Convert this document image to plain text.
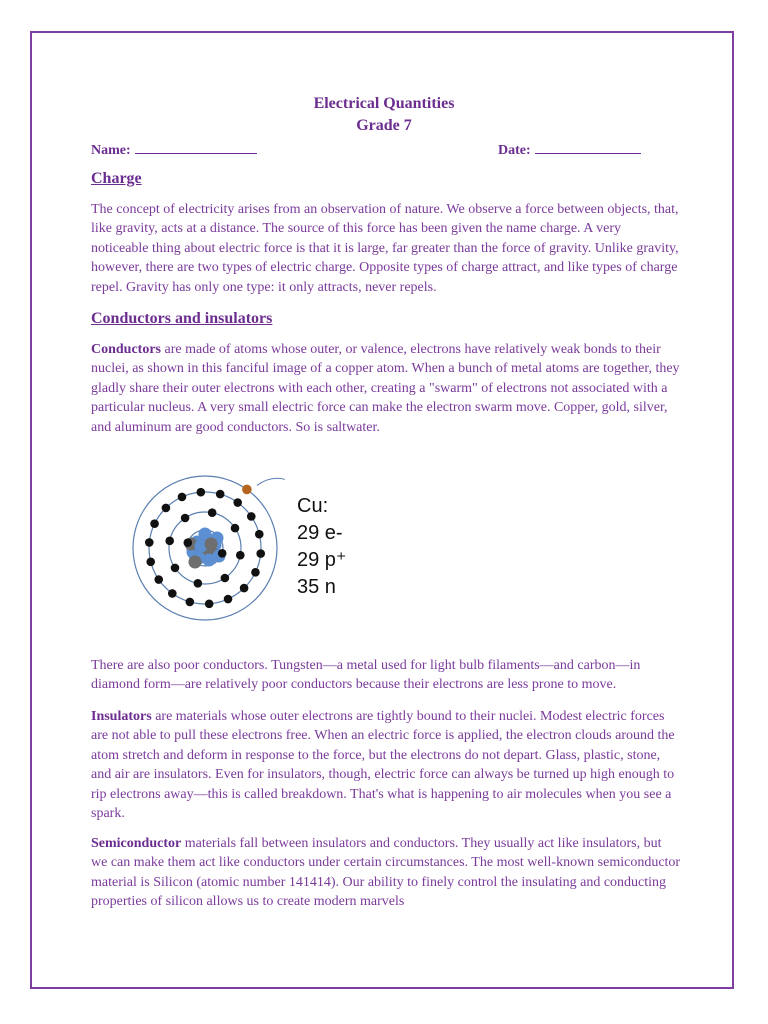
Electrical Quantities
Grade 7
Name:	Date:
Charge

The concept of electricity arises from an observation of nature. We observe a force between objects, that, like gravity, acts at a distance. The source of this force has been given the name charge. A very noticeable thing about electric force is that it is large, far greater than the force of gravity. Unlike gravity, however, there are two types of electric charge. Opposite types of charge attract, and like types of charge repel. Gravity has only one type: it only attracts, never repels.

Conductors and insulators

Conductors are made of atoms whose outer, or valence, electrons have relatively weak bonds to their nuclei, as shown in this fanciful image of a copper atom. When a bunch of metal atoms are together, they gladly share their outer electrons with each other, creating a "swarm" of electrons not associated with a particular nucleus. A very small electric force can make the electron swarm move. Copper, gold, silver, and aluminum are good conductors. So is saltwater.

Cu:
29 e-
29 p⁺
35 n

There are also poor conductors. Tungsten—a metal used for light bulb filaments—and carbon—in diamond form—are relatively poor conductors because their electrons are less prone to move.

Insulators are materials whose outer electrons are tightly bound to their nuclei. Modest electric forces are not able to pull these electrons free. When an electric force is applied, the electron clouds around the atom stretch and deform in response to the force, but the electrons do not depart. Glass, plastic, stone, and air are insulators. Even for insulators, though, electric force can always be turned up high enough to rip electrons away—this is called breakdown. That's what is happening to air molecules when you see a spark.

Semiconductor materials fall between insulators and conductors. They usually act like insulators, but we can make them act like conductors under certain circumstances. The most well-known semiconductor material is Silicon (atomic number 141414). Our ability to finely control the insulating and conducting properties of silicon allows us to create modern marvels
